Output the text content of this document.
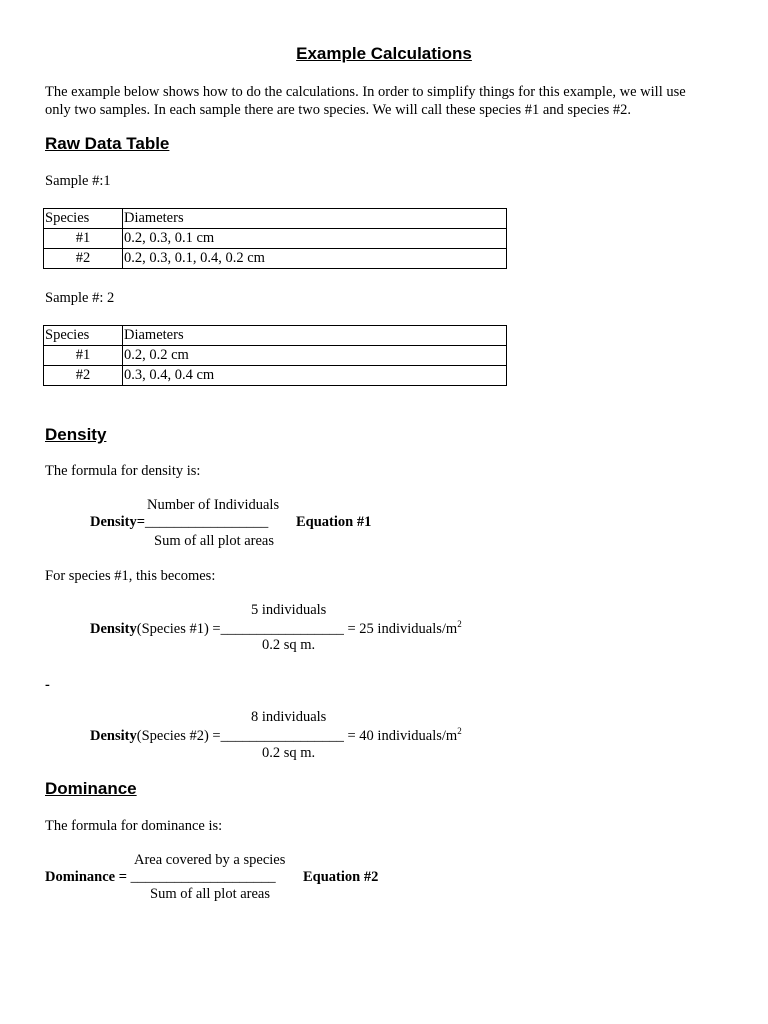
Example Calculations
The example below shows how to do the calculations. In order to simplify things for this example, we will use
only two samples. In each sample there are two species. We will call these species #1 and species #2.
Raw Data Table
Sample #:1
Species	Diameters
#1	0.2, 0.3, 0.1 cm
#2	0.2, 0.3, 0.1, 0.4, 0.2 cm
Sample #: 2
Species	Diameters
#1	0.2, 0.2 cm
#2	0.3, 0.4, 0.4 cm
Density
The formula for density is:
Number of Individuals
Density=_________________ Equation #1
Sum of all plot areas
For species #1, this becomes:
5 individuals
Density(Species #1) =_________________ = 25 individuals/$m^2$
0.2 sq m.
-
8 individuals
Density(Species #2) =_________________ = 40 individuals/$m^2$
0.2 sq m.
Dominance
The formula for dominance is:
Area covered by a species
Dominance = ____________________ Equation #2
Sum of all plot areas
